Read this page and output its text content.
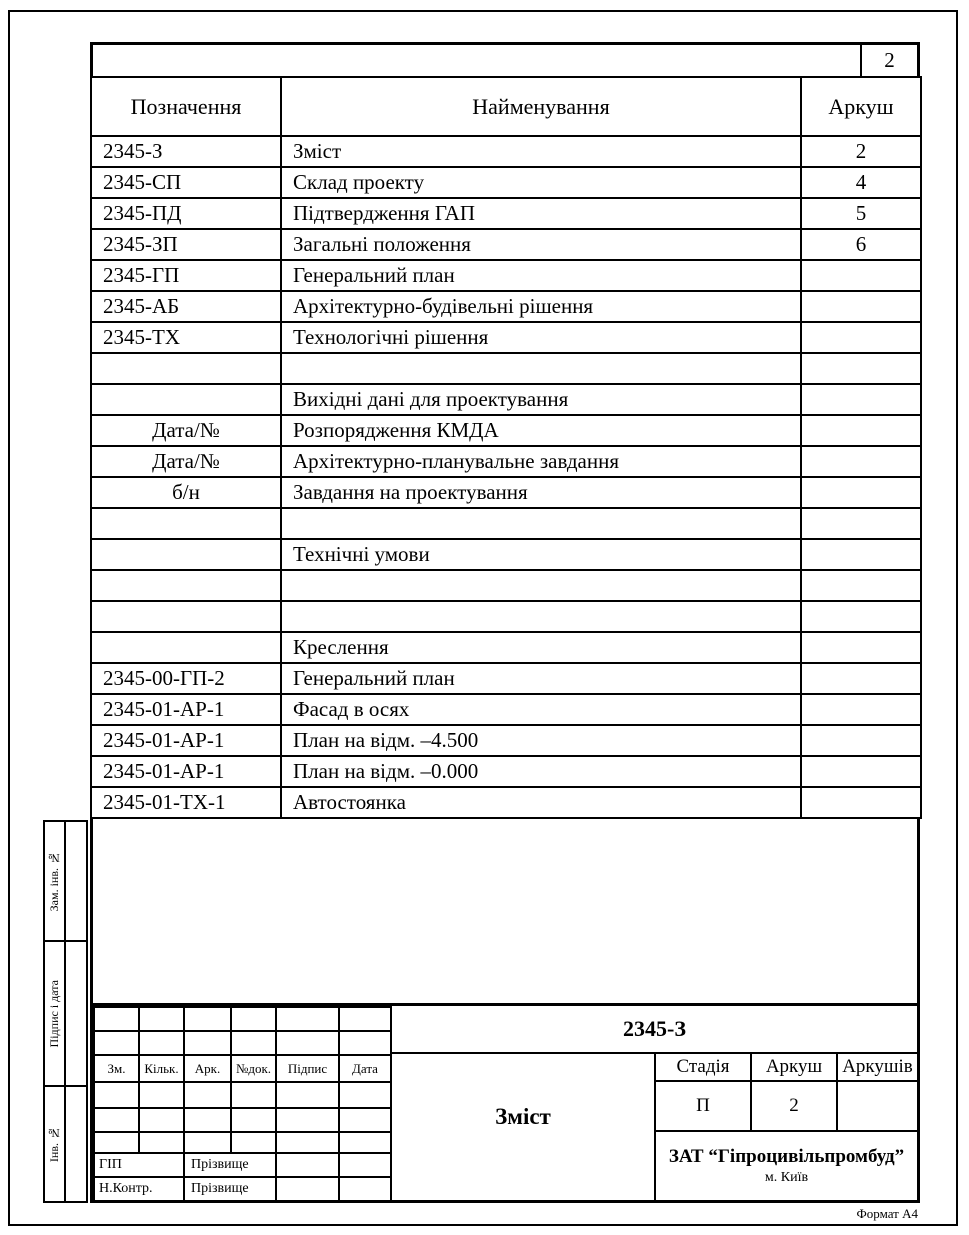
2
Позначення	Найменування	Аркуш
2345-З	Зміст	2
2345-СП	Склад проекту	4
2345-ПД	Підтвердження ГАП	5
2345-ЗП	Загальні положення	6
2345-ГП	Генеральний план	
2345-АБ	Архітектурно-будівельні рішення	
2345-ТХ	Технологічні рішення	

	Вихідні дані для проектування	
Дата/№	Розпорядження КМДА	
Дата/№	Архітектурно-планувальне завдання	
б/н	Завдання на проектування	

	Технічні умови	

	Креслення	
2345-00-ГП-2	Генеральний план	
2345-01-АР-1	Фасад в осях	
2345-01-АР-1	План на відм. –4.500	
2345-01-АР-1	План на відм. –0.000	
2345-01-ТХ-1	Автостоянка	

Зм.	Кільк.	Арк.	№док.	Підпис	Дата

ГІП		Прізвище			
Н.Контр.		Прізвище			
2345-З
Зміст
Стадія	Аркуш	Аркушів
П	2
ЗАТ “Гіпроцивільпромбуд”
м. Київ
Зам. інв. №
Підпис і дата
Інв. №
Формат А4
